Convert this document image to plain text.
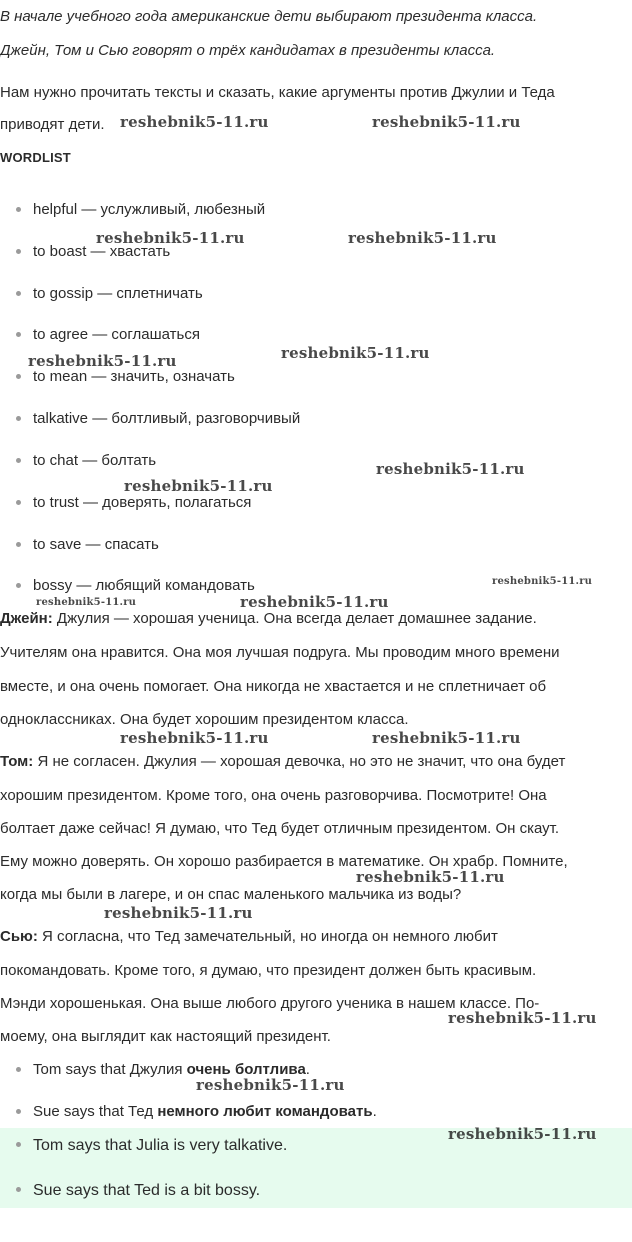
В начале учебного года американские дети выбирают президента класса.
Джейн, Том и Сью говорят о трёх кандидатах в президенты класса.
Нам нужно прочитать тексты и сказать, какие аргументы против Джулии и Теда
приводят дети.
WORDLIST
helpful — услужливый, любезный
to boast — хвастать
to gossip — сплетничать
to agree — соглашаться
to mean — значить, означать
talkative — болтливый, разговорчивый
to chat — болтать
to trust — доверять, полагаться
to save — спасать
bossy — любящий командовать
Джейн: Джулия — хорошая ученица. Она всегда делает домашнее задание.
Учителям она нравится. Она моя лучшая подруга. Мы проводим много времени
вместе, и она очень помогает. Она никогда не хвастается и не сплетничает об
одноклассниках. Она будет хорошим президентом класса.
Том: Я не согласен. Джулия — хорошая девочка, но это не значит, что она будет
хорошим президентом. Кроме того, она очень разговорчива. Посмотрите! Она
болтает даже сейчас! Я думаю, что Тед будет отличным президентом. Он скаут.
Ему можно доверять. Он хорошо разбирается в математике. Он храбр. Помните,
когда мы были в лагере, и он спас маленького мальчика из воды?
Сью: Я согласна, что Тед замечательный, но иногда он немного любит
покомандовать. Кроме того, я думаю, что президент должен быть красивым.
Мэнди хорошенькая. Она выше любого другого ученика в нашем классе. По-
моему, она выглядит как настоящий президент.
Tom says that Джулия очень болтлива.
Sue says that Тед немного любит командовать.
Tom says that Julia is very talkative.
Sue says that Ted is a bit bossy.
reshebnik5-11.ru	reshebnik5-11.ru
reshebnik5-11.ru	reshebnik5-11.ru
reshebnik5-11.ru	reshebnik5-11.ru
reshebnik5-11.ru
reshebnik5-11.ru
reshebnik5-11.ru
reshebnik5-11.ru	reshebnik5-11.ru
reshebnik5-11.ru	reshebnik5-11.ru
reshebnik5-11.ru
reshebnik5-11.ru
reshebnik5-11.ru
reshebnik5-11.ru
reshebnik5-11.ru
